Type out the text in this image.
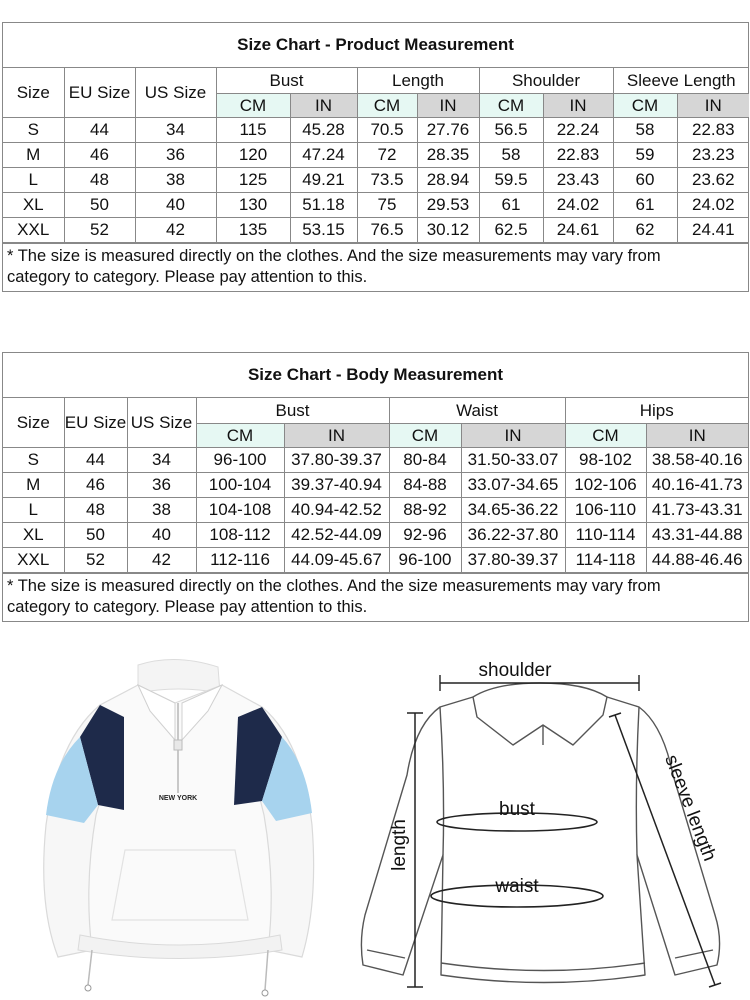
Size Chart - Product Measurement
Size	EU Size	US Size	Bust		Length		Shoulder		Sleeve Length	
			CM	IN	CM	IN	CM	IN	CM	IN
S	44	34	115	45.28	70.5	27.76	56.5	22.24	58	22.83
M	46	36	120	47.24	72	28.35	58	22.83	59	23.23
L	48	38	125	49.21	73.5	28.94	59.5	23.43	60	23.62
XL	50	40	130	51.18	75	29.53	61	24.02	61	24.02
XXL	52	42	135	53.15	76.5	30.12	62.5	24.61	62	24.41
* The size is measured directly on the clothes. And the size measurements may vary from
category to category. Please pay attention to this.
Size Chart - Body Measurement
Size	EU Size	US Size	Bust		Waist		Hips	
			CM	IN	CM	IN	CM	IN
S	44	34	96-100	37.80-39.37	80-84	31.50-33.07	98-102	38.58-40.16
M	46	36	100-104	39.37-40.94	84-88	33.07-34.65	102-106	40.16-41.73
L	48	38	104-108	40.94-42.52	88-92	34.65-36.22	106-110	41.73-43.31
XL	50	40	108-112	42.52-44.09	92-96	36.22-37.80	110-114	43.31-44.88
XXL	52	42	112-116	44.09-45.67	96-100	37.80-39.37	114-118	44.88-46.46
* The size is measured directly on the clothes. And the size measurements may vary from
category to category. Please pay attention to this.
NEW YORK
shoulder
bust
waist
length	sleeve length
